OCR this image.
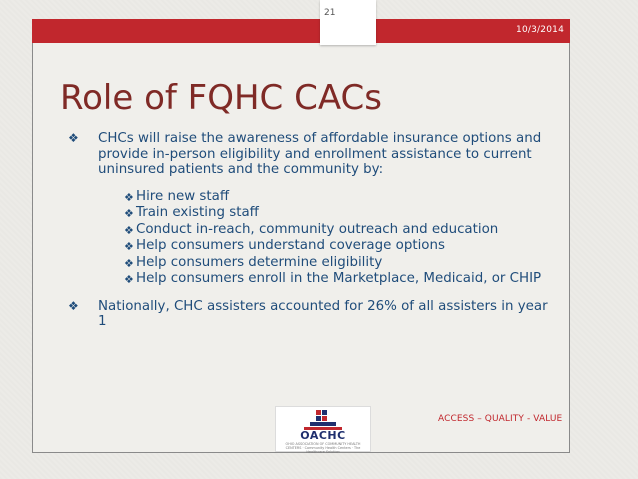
21
10/3/2014
Role of FQHC CACs
❖ CHCs will raise the awareness of affordable insurance options and provide in-person eligibility and enrollment assistance to current uninsured patients and the community by:
❖ Hire new staff
❖ Train existing staff
❖ Conduct in-reach, community outreach and education
❖ Help consumers understand coverage options
❖ Help consumers determine eligibility
❖ Help consumers enroll in the Marketplace, Medicaid, or CHIP
❖ Nationally, CHC assisters accounted for 26% of all assisters in year 1
OACHC
OHIO ASSOCIATION OF COMMUNITY HEALTH CENTERS · Community Health Centers · The Healthcare Solution
ACCESS – QUALITY - VALUE
